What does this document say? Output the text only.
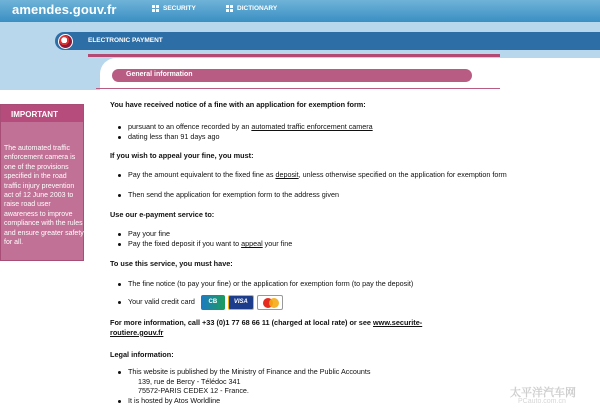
amendes.gouv.fr	SECURITY	DICTIONARY
ELECTRONIC PAYMENT
General information
IMPORTANT
The automated traffic enforcement camera is one of the provisions specified in the road traffic injury prevention act of 12 June 2003 to raise road user awareness to improve compliance with the rules and ensure greater safety for all.
You have received notice of a fine with an application for exemption form:
pursuant to an offence recorded by an automated traffic enforcement camera
dating less than 91 days ago
If you wish to appeal your fine, you must:
Pay the amount equivalent to the fixed fine as deposit, unless otherwise specified on the application for exemption form
Then send the application for exemption form to the address given
Use our e-payment service to:
Pay your fine
Pay the fixed deposit if you want to appeal your fine
To use this service, you must have:
The fine notice (to pay your fine) or the application for exemption form (to pay the deposit)
Your valid credit card CB	VISA
For more information, call +33 (0)1 77 68 66 11 (charged at local rate) or see www.securite-
routiere.gouv.fr
Legal information:
This website is published by the Ministry of Finance and the Public Accounts
139, rue de Bercy - Télédoc 341
75572-PARIS CEDEX 12 - France.
It is hosted by Atos Worldline
太平洋汽车网
PCauto.com.cn
